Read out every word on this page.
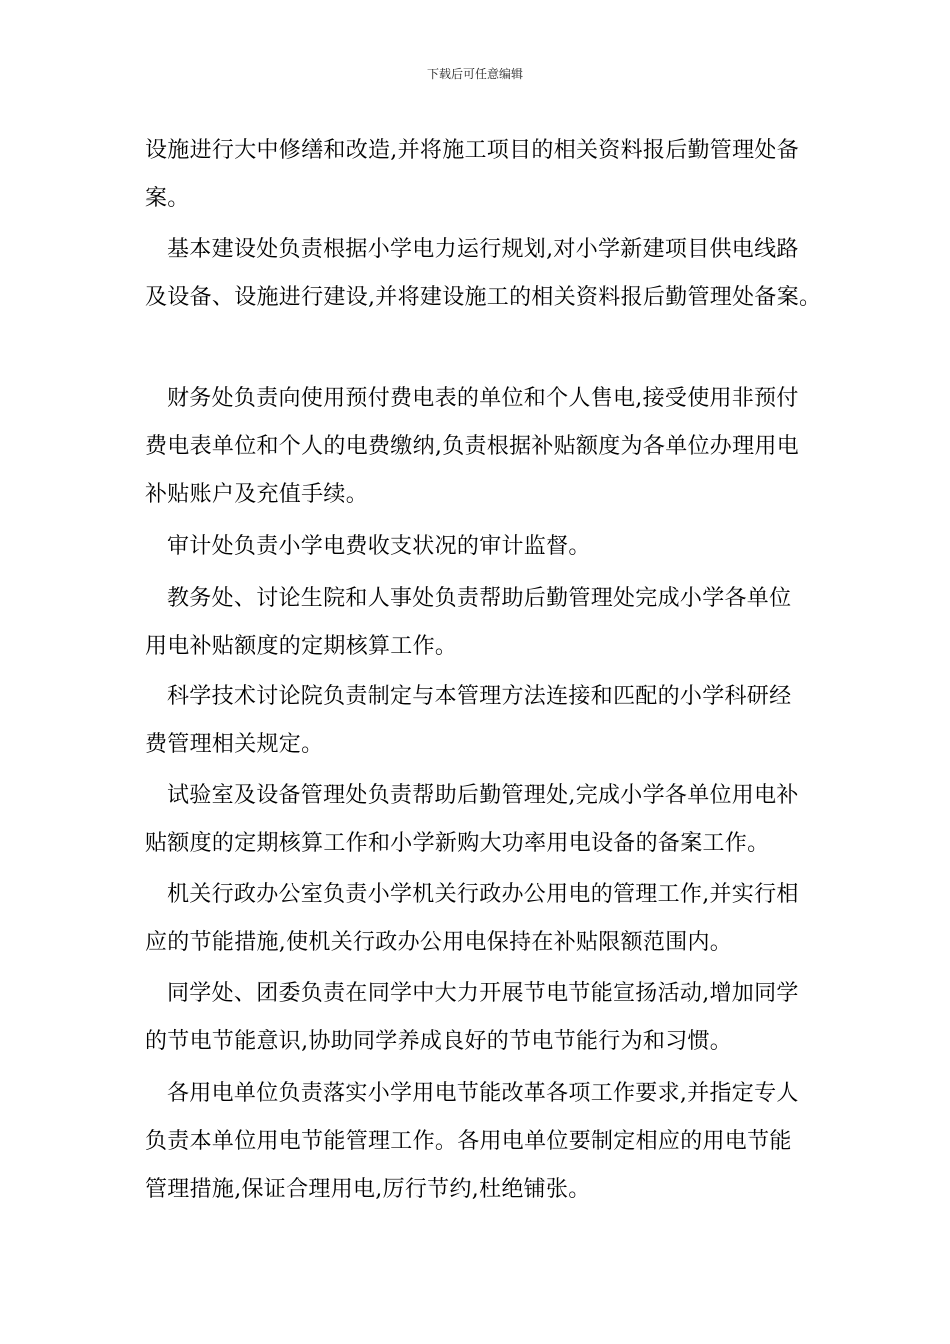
下载后可任意编辑
设施进行大中修缮和改造,并将施工项目的相关资料报后勤管理处备
案。
基本建设处负责根据小学电力运行规划,对小学新建项目供电线路
及设备、设施进行建设,并将建设施工的相关资料报后勤管理处备案。
财务处负责向使用预付费电表的单位和个人售电,接受使用非预付
费电表单位和个人的电费缴纳,负责根据补贴额度为各单位办理用电
补贴账户及充值手续。
审计处负责小学电费收支状况的审计监督。
教务处、讨论生院和人事处负责帮助后勤管理处完成小学各单位
用电补贴额度的定期核算工作。
科学技术讨论院负责制定与本管理方法连接和匹配的小学科研经
费管理相关规定。
试验室及设备管理处负责帮助后勤管理处,完成小学各单位用电补
贴额度的定期核算工作和小学新购大功率用电设备的备案工作。
机关行政办公室负责小学机关行政办公用电的管理工作,并实行相
应的节能措施,使机关行政办公用电保持在补贴限额范围内。
同学处、团委负责在同学中大力开展节电节能宣扬活动,增加同学
的节电节能意识,协助同学养成良好的节电节能行为和习惯。
各用电单位负责落实小学用电节能改革各项工作要求,并指定专人
负责本单位用电节能管理工作。各用电单位要制定相应的用电节能
管理措施,保证合理用电,厉行节约,杜绝铺张。
